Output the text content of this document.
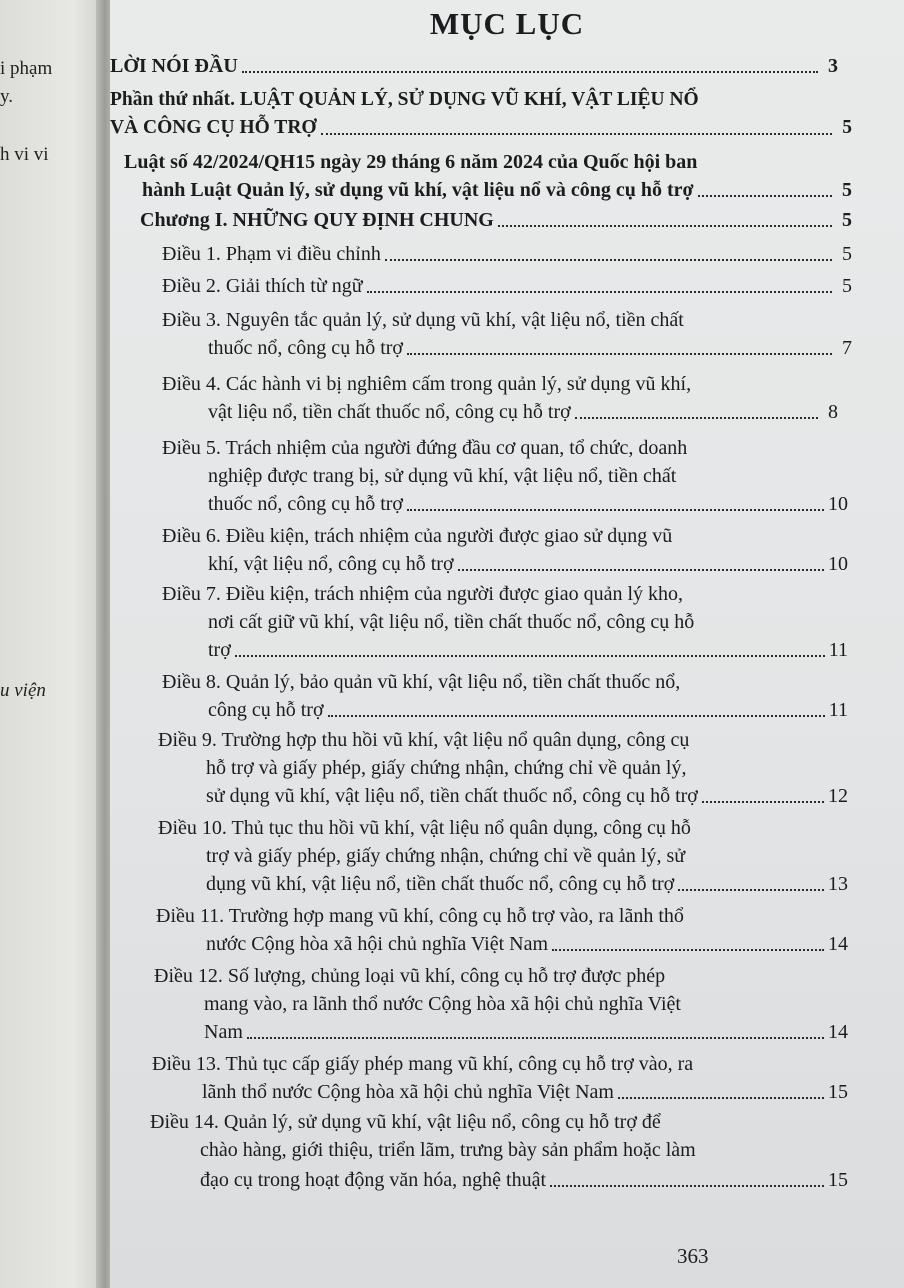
i phạm
y.
h vi vi
u viện
MỤC LỤC
LỜI NÓI ĐẦU	3
Phần thứ nhất. LUẬT QUẢN LÝ, SỬ DỤNG VŨ KHÍ, VẬT LIỆU NỔ
VÀ CÔNG CỤ HỖ TRỢ	5
Luật số 42/2024/QH15 ngày 29 tháng 6 năm 2024 của Quốc hội ban
hành Luật Quản lý, sử dụng vũ khí, vật liệu nổ và công cụ hỗ trợ	5
Chương I. NHỮNG QUY ĐỊNH CHUNG	5
Điều 1. Phạm vi điều chỉnh	5
Điều 2. Giải thích từ ngữ	5
Điều 3. Nguyên tắc quản lý, sử dụng vũ khí, vật liệu nổ, tiền chất
thuốc nổ, công cụ hỗ trợ	7
Điều 4. Các hành vi bị nghiêm cấm trong quản lý, sử dụng vũ khí,
vật liệu nổ, tiền chất thuốc nổ, công cụ hỗ trợ	8
Điều 5. Trách nhiệm của người đứng đầu cơ quan, tổ chức, doanh
nghiệp được trang bị, sử dụng vũ khí, vật liệu nổ, tiền chất
thuốc nổ, công cụ hỗ trợ	10
Điều 6. Điều kiện, trách nhiệm của người được giao sử dụng vũ
khí, vật liệu nổ, công cụ hỗ trợ	10
Điều 7. Điều kiện, trách nhiệm của người được giao quản lý kho,
nơi cất giữ vũ khí, vật liệu nổ, tiền chất thuốc nổ, công cụ hỗ
trợ	11
Điều 8. Quản lý, bảo quản vũ khí, vật liệu nổ, tiền chất thuốc nổ,
công cụ hỗ trợ	11
Điều 9. Trường hợp thu hồi vũ khí, vật liệu nổ quân dụng, công cụ
hỗ trợ và giấy phép, giấy chứng nhận, chứng chỉ về quản lý,
sử dụng vũ khí, vật liệu nổ, tiền chất thuốc nổ, công cụ hỗ trợ	12
Điều 10. Thủ tục thu hồi vũ khí, vật liệu nổ quân dụng, công cụ hỗ
trợ và giấy phép, giấy chứng nhận, chứng chỉ về quản lý, sử
dụng vũ khí, vật liệu nổ, tiền chất thuốc nổ, công cụ hỗ trợ	13
Điều 11. Trường hợp mang vũ khí, công cụ hỗ trợ vào, ra lãnh thổ
nước Cộng hòa xã hội chủ nghĩa Việt Nam	14
Điều 12. Số lượng, chủng loại vũ khí, công cụ hỗ trợ được phép
mang vào, ra lãnh thổ nước Cộng hòa xã hội chủ nghĩa Việt
Nam	14
Điều 13. Thủ tục cấp giấy phép mang vũ khí, công cụ hỗ trợ vào, ra
lãnh thổ nước Cộng hòa xã hội chủ nghĩa Việt Nam	15
Điều 14. Quản lý, sử dụng vũ khí, vật liệu nổ, công cụ hỗ trợ để
chào hàng, giới thiệu, triển lãm, trưng bày sản phẩm hoặc làm
đạo cụ trong hoạt động văn hóa, nghệ thuật	15
363
